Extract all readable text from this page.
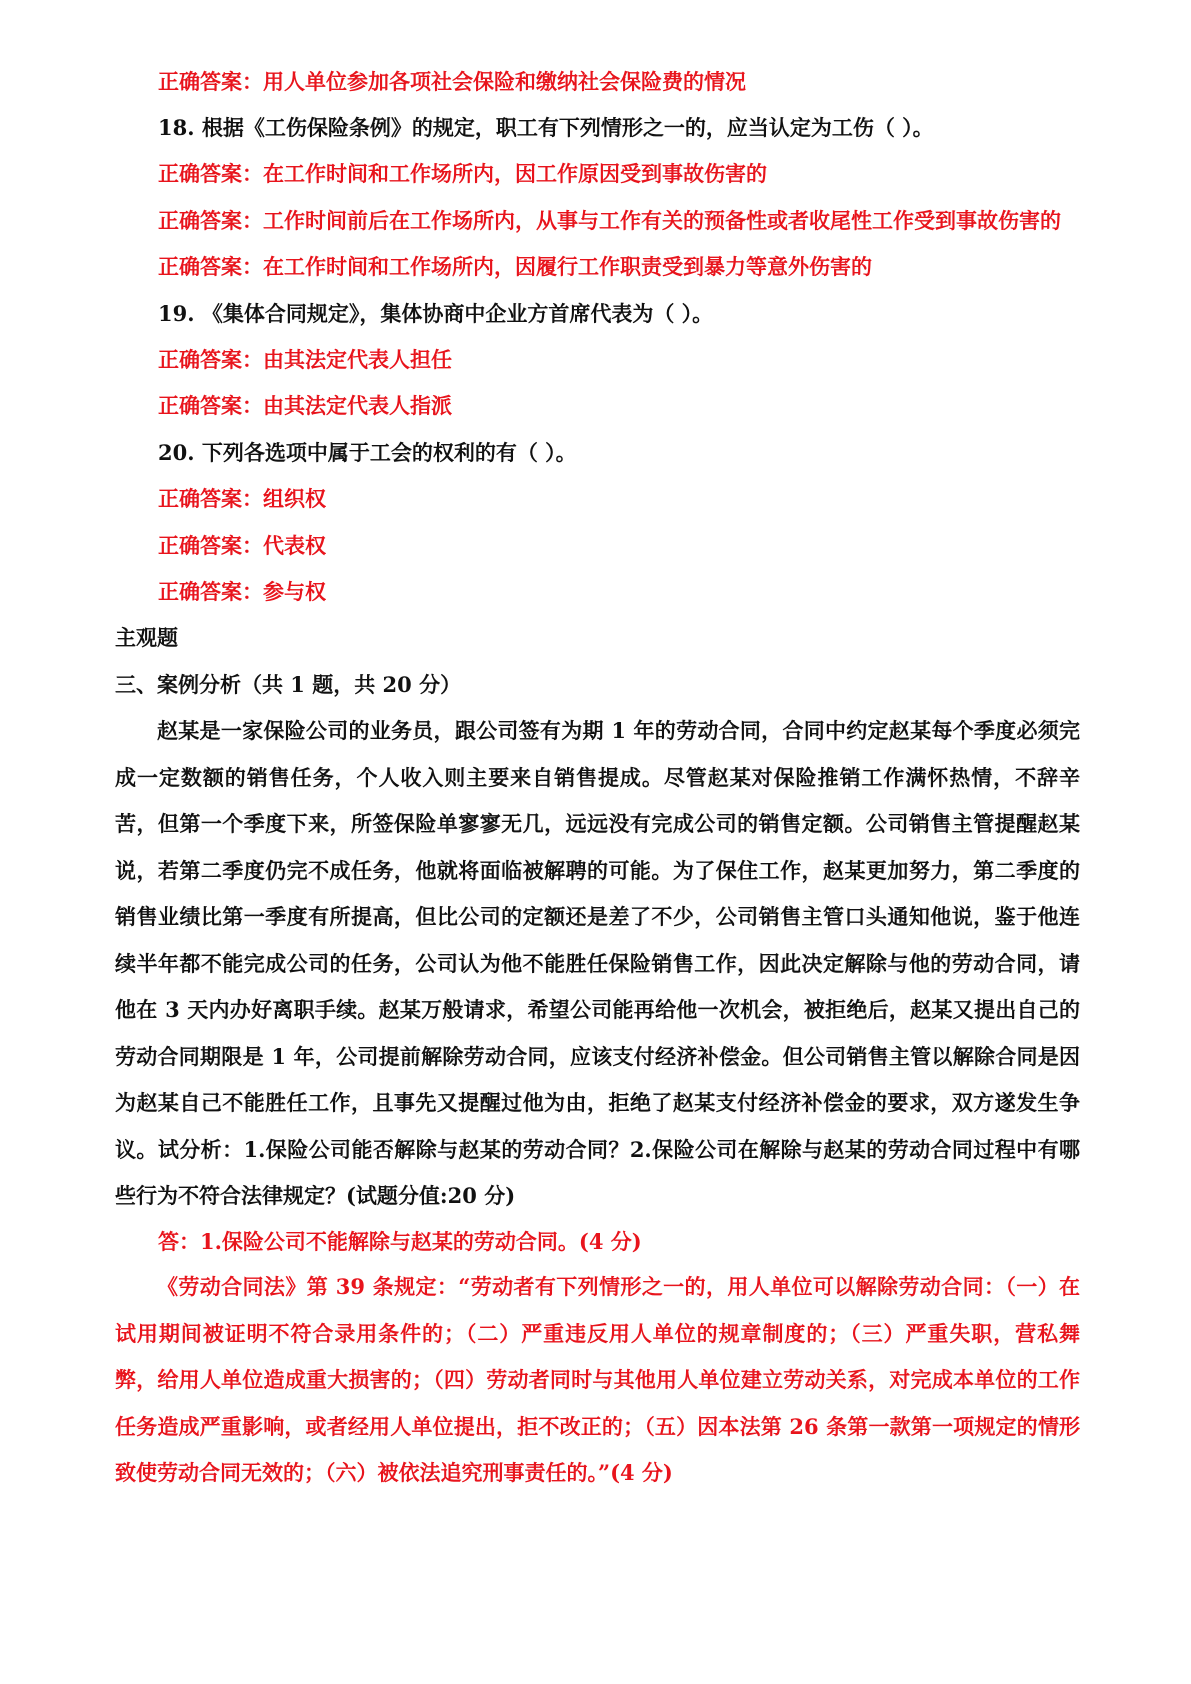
正确答案：用人单位参加各项社会保险和缴纳社会保险费的情况
18. 根据《工伤保险条例》的规定，职工有下列情形之一的，应当认定为工伤（ ）。
正确答案：在工作时间和工作场所内，因工作原因受到事故伤害的
正确答案：工作时间前后在工作场所内，从事与工作有关的预备性或者收尾性工作受到事故伤害的
正确答案：在工作时间和工作场所内，因履行工作职责受到暴力等意外伤害的
19. 《集体合同规定》，集体协商中企业方首席代表为（ ）。
正确答案：由其法定代表人担任
正确答案：由其法定代表人指派
20. 下列各选项中属于工会的权利的有（ ）。
正确答案：组织权
正确答案：代表权
正确答案：参与权
主观题
三、案例分析（共 1 题，共 20 分）
赵某是一家保险公司的业务员，跟公司签有为期 1 年的劳动合同，合同中约定赵某每个季度必须完成一定数额的销售任务，个人收入则主要来自销售提成。尽管赵某对保险推销工作满怀热情，不辞辛苦，但第一个季度下来，所签保险单寥寥无几，远远没有完成公司的销售定额。公司销售主管提醒赵某说，若第二季度仍完不成任务，他就将面临被解聘的可能。为了保住工作，赵某更加努力，第二季度的销售业绩比第一季度有所提高，但比公司的定额还是差了不少，公司销售主管口头通知他说，鉴于他连续半年都不能完成公司的任务，公司认为他不能胜任保险销售工作，因此决定解除与他的劳动合同，请他在 3 天内办好离职手续。赵某万般请求，希望公司能再给他一次机会，被拒绝后，赵某又提出自己的劳动合同期限是 1 年，公司提前解除劳动合同，应该支付经济补偿金。但公司销售主管以解除合同是因为赵某自己不能胜任工作，且事先又提醒过他为由，拒绝了赵某支付经济补偿金的要求，双方遂发生争议。试分析：1.保险公司能否解除与赵某的劳动合同？2.保险公司在解除与赵某的劳动合同过程中有哪些行为不符合法律规定？(试题分值:20 分)
答：1.保险公司不能解除与赵某的劳动合同。(4 分)
《劳动合同法》第 39 条规定：“劳动者有下列情形之一的，用人单位可以解除劳动合同：（一）在试用期间被证明不符合录用条件的；（二）严重违反用人单位的规章制度的；（三）严重失职，营私舞弊，给用人单位造成重大损害的；（四）劳动者同时与其他用人单位建立劳动关系，对完成本单位的工作任务造成严重影响，或者经用人单位提出，拒不改正的；（五）因本法第 26 条第一款第一项规定的情形致使劳动合同无效的；（六）被依法追究刑事责任的。”(4 分)
